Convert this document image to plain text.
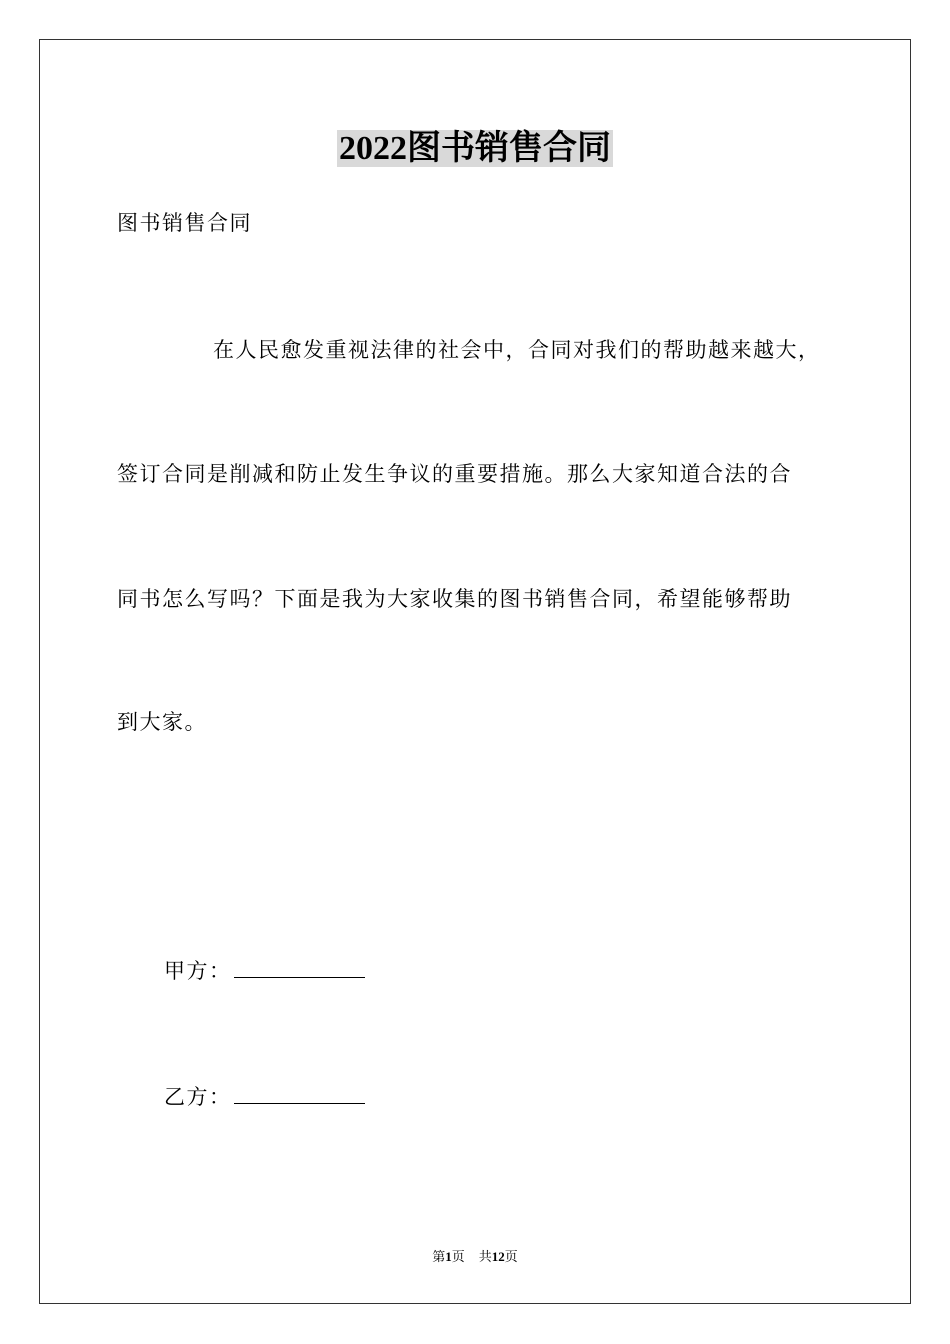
2022图书销售合同
图书销售合同
在人民愈发重视法律的社会中，合同对我们的帮助越来越大，
签订合同是削减和防止发生争议的重要措施。那么大家知道合法的合
同书怎么写吗？下面是我为大家收集的图书销售合同，希望能够帮助
到大家。
甲方：
乙方：
第1页 共12页
